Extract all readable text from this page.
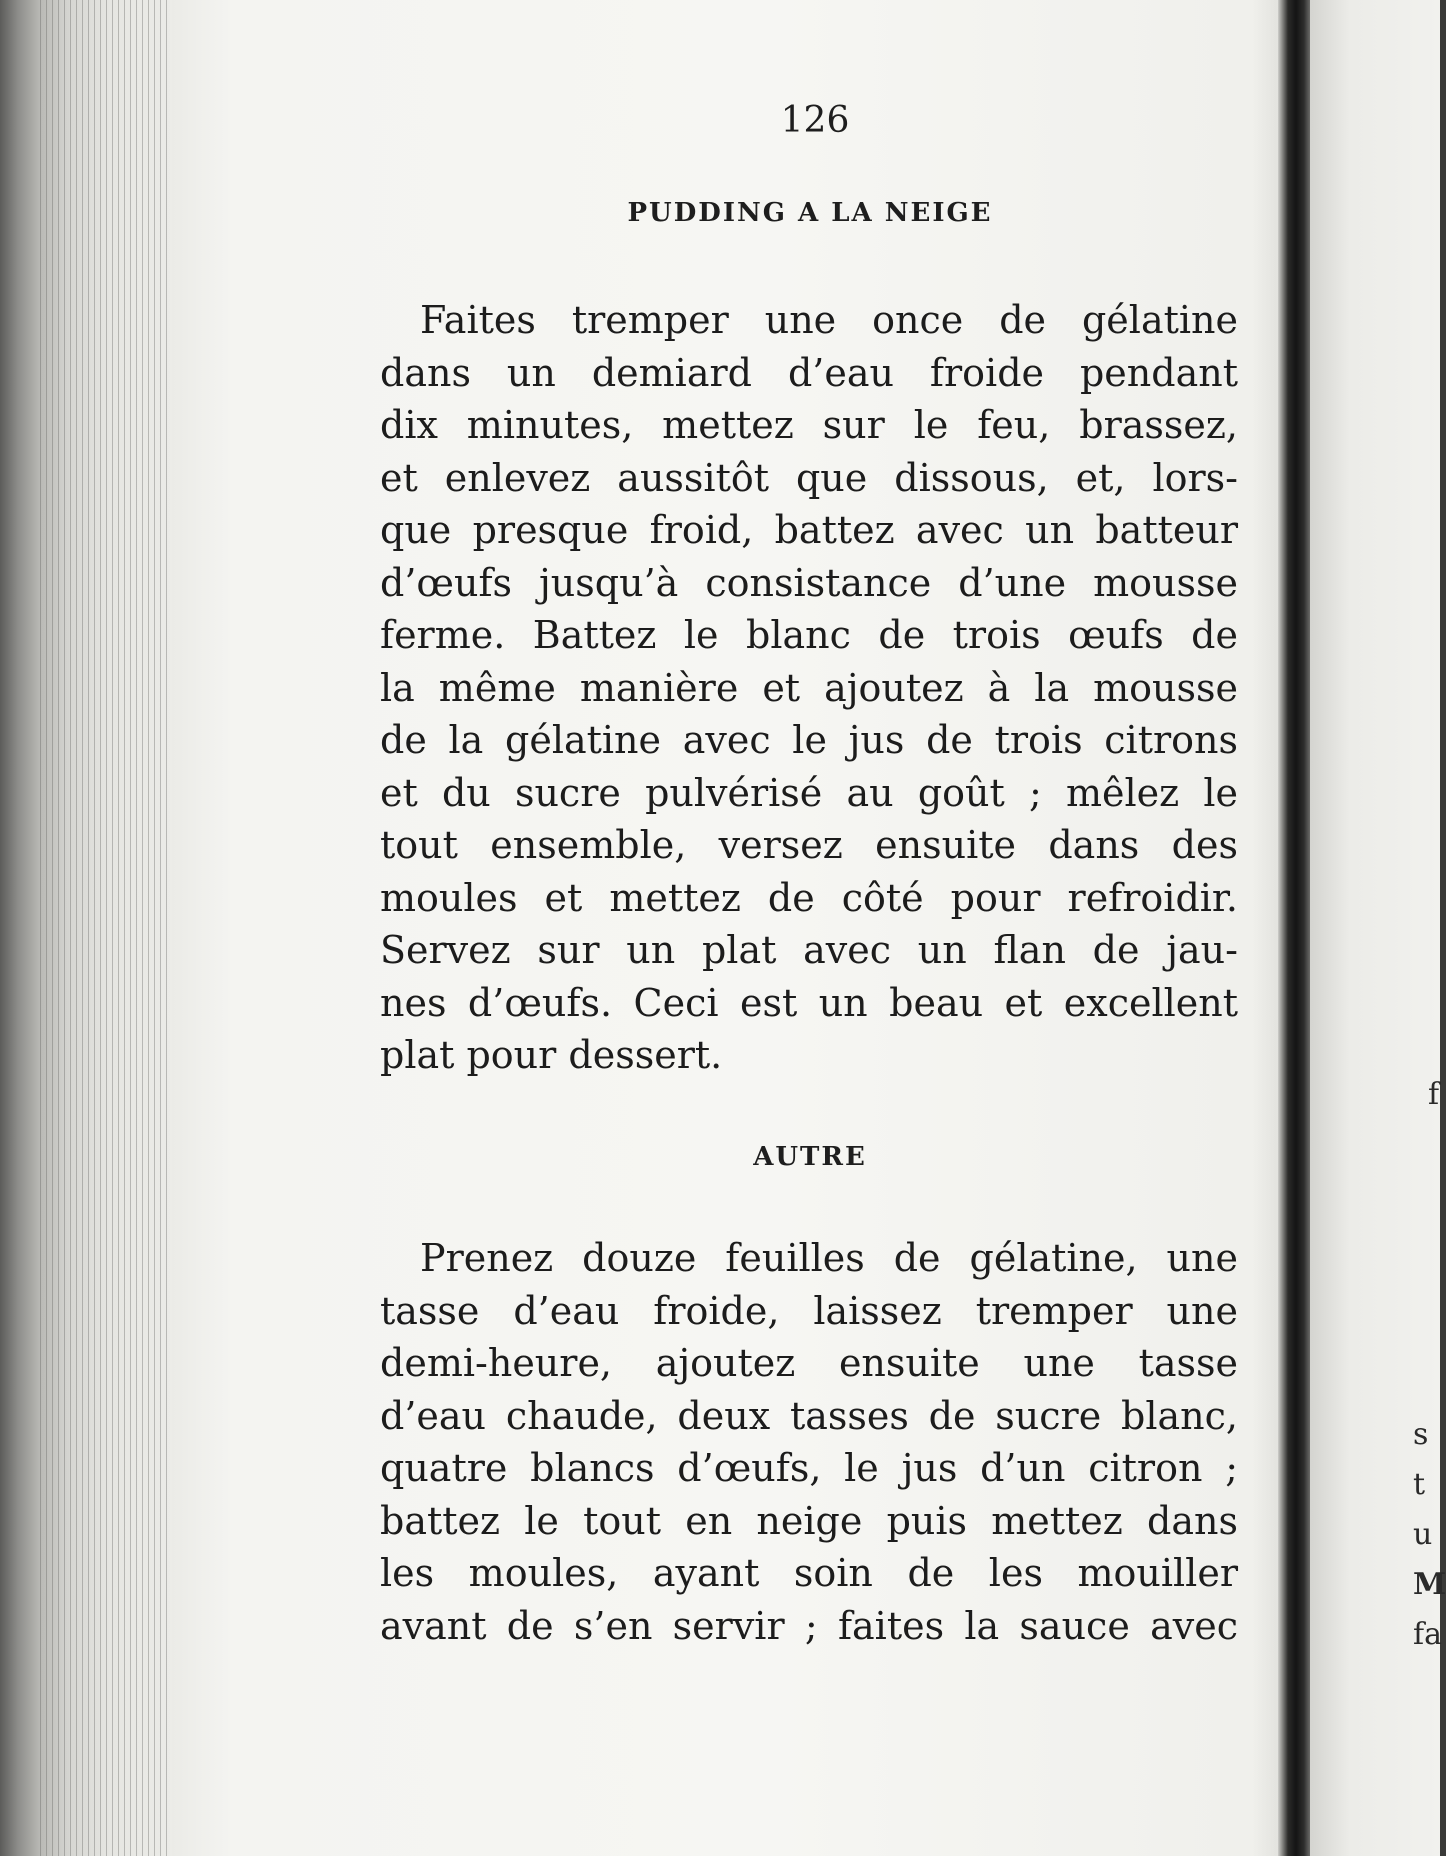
f
s
t
u
M
fa
126
PUDDING A LA NEIGE
Faites tremper une once de gélatine
dans un demiard d’eau froide pendant
dix minutes, mettez sur le feu, brassez,
et enlevez aussitôt que dissous, et, lors-
que presque froid, battez avec un batteur
d’œufs jusqu’à consistance d’une mousse
ferme. Battez le blanc de trois œufs de
la même manière et ajoutez à la mousse
de la gélatine avec le jus de trois citrons
et du sucre pulvérisé au goût ; mêlez le
tout ensemble, versez ensuite dans des
moules et mettez de côté pour refroidir.
Servez sur un plat avec un flan de jau-
nes d’œufs. Ceci est un beau et excellent
plat pour dessert.
AUTRE
Prenez douze feuilles de gélatine, une
tasse d’eau froide, laissez tremper une
demi-heure, ajoutez ensuite une tasse
d’eau chaude, deux tasses de sucre blanc,
quatre blancs d’œufs, le jus d’un citron ;
battez le tout en neige puis mettez dans
les moules, ayant soin de les mouiller
avant de s’en servir ; faites la sauce avec
